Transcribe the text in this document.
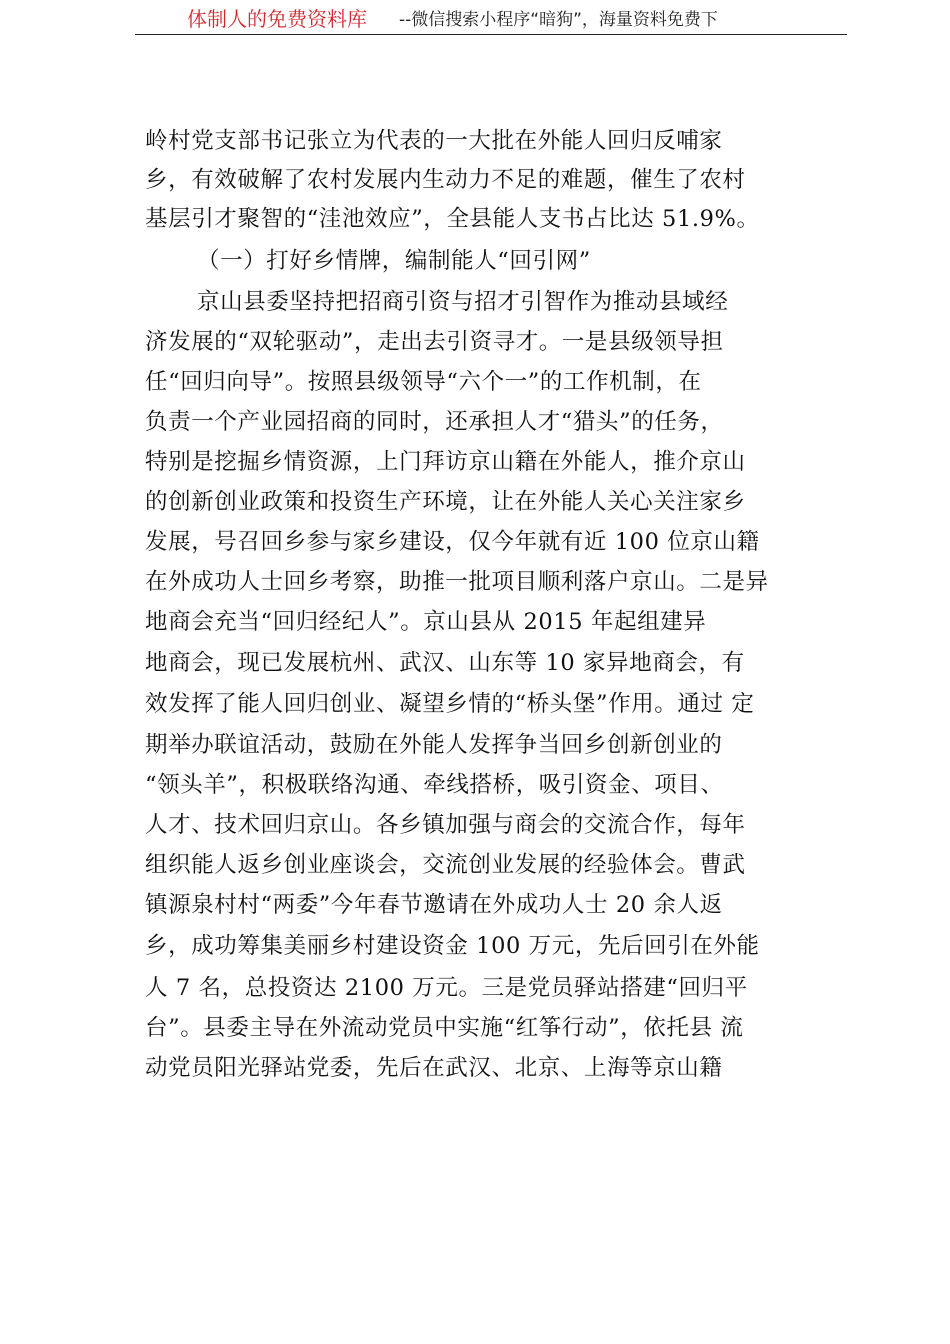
体制人的免费资料库 --微信搜索小程序“暗狗”，海量资料免费下
岭村党支部书记张立为代表的一大批在外能人回归反哺家
乡，有效破解了农村发展内生动力不足的难题，催生了农村
基层引才聚智的“洼池效应”，全县能人支书占比达 51.9%。
（一）打好乡情牌，编制能人“回引网”
京山县委坚持把招商引资与招才引智作为推动县域经
济发展的“双轮驱动”，走出去引资寻才。一是县级领导担
任“回归向导”。按照县级领导“六个一”的工作机制，在
负责一个产业园招商的同时，还承担人才“猎头”的任务，
特别是挖掘乡情资源，上门拜访京山籍在外能人，推介京山
的创新创业政策和投资生产环境，让在外能人关心关注家乡
发展，号召回乡参与家乡建设，仅今年就有近 100 位京山籍
在外成功人士回乡考察，助推一批项目顺利落户京山。二是异
地商会充当“回归经纪人”。京山县从 2015 年起组建异
地商会，现已发展杭州、武汉、山东等 10 家异地商会，有
效发挥了能人回归创业、凝望乡情的“桥头堡”作用。通过 定
期举办联谊活动，鼓励在外能人发挥争当回乡创新创业的
“领头羊”，积极联络沟通、牵线搭桥，吸引资金、项目、
人才、技术回归京山。各乡镇加强与商会的交流合作，每年
组织能人返乡创业座谈会，交流创业发展的经验体会。曹武
镇源泉村村“两委”今年春节邀请在外成功人士 20 余人返
乡，成功筹集美丽乡村建设资金 100 万元，先后回引在外能
人 7 名，总投资达 2100 万元。三是党员驿站搭建“回归平
台”。县委主导在外流动党员中实施“红筝行动”，依托县 流
动党员阳光驿站党委，先后在武汉、北京、上海等京山籍
